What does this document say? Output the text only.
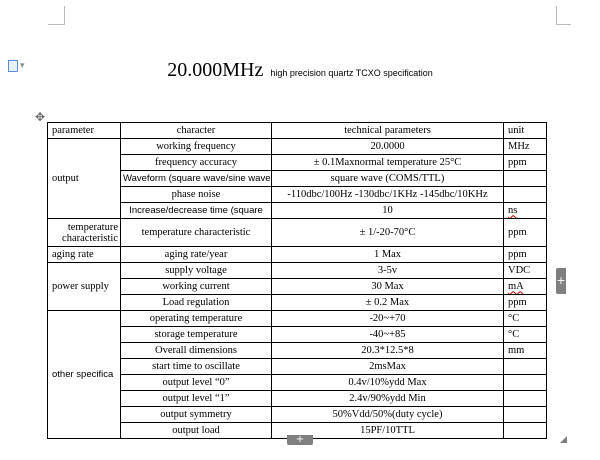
▾	20.000MHz high precision quartz TCXO specification
✥
parameter	character	technical parameters	unit
output	working frequency	20.0000	MHz
	frequency accuracy	± 0.1Maxnormal temperature 25°C	ppm
	Waveform (square wave/sine wave	square wave (COMS/TTL)	
	phase noise	-110dbc/100Hz -130dbc/1KHz -145dbc/10KHz	
	Increase/decrease time (square	10	ns
temperature characteristic	temperature characteristic	± 1/-20-70°C	ppm
aging rate	aging rate/year	1 Max	ppm
power supply	supply voltage	3-5v	VDC
	working current	30 Max	mA
	Load regulation	± 0.2 Max	ppm
other specifica	operating temperature	-20~+70	°C
	storage temperature	-40~+85	°C
	Overall dimensions	20.3*12.5*8	mm
	start time to oscillate	2msMax	
	output level “0”	0.4v/10%ydd Max	
	output level “1”	2.4v/90%ydd Min	
	output symmetry	50%Vdd/50%(duty cycle)	
	output load	15PF/10TTL	
+
+
